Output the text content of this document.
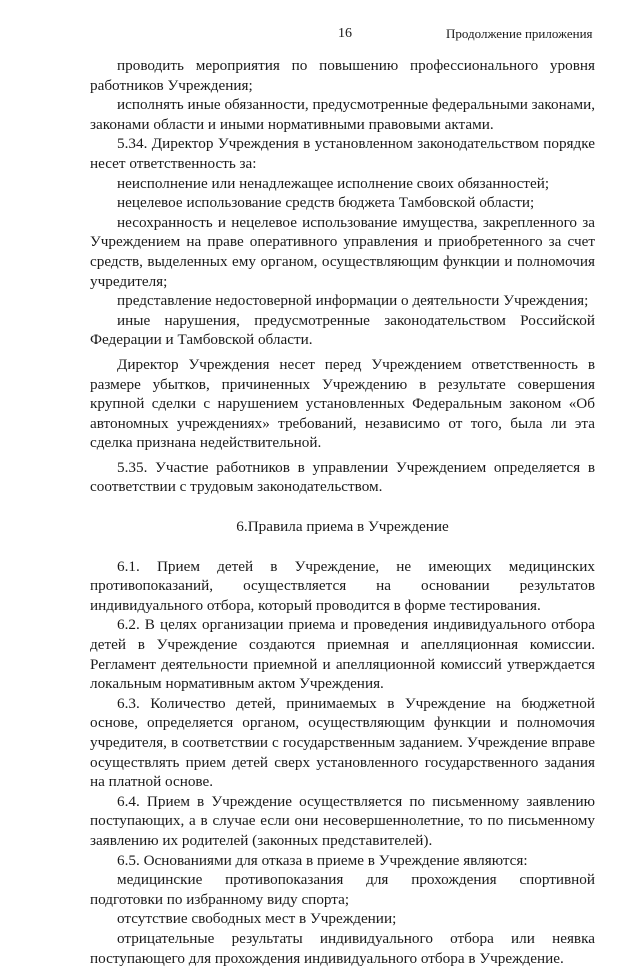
16	Продолжение приложения

проводить мероприятия по повышению профессионального уровня работников Учреждения;

исполнять иные обязанности, предусмотренные федеральными законами, законами области и иными нормативными правовыми актами.

5.34. Директор Учреждения в установленном законодательством порядке несет ответственность за:

неисполнение или ненадлежащее исполнение своих обязанностей;

нецелевое использование средств бюджета Тамбовской области;

несохранность и нецелевое использование имущества, закрепленного за Учреждением на праве оперативного управления и приобретенного за счет средств, выделенных ему органом, осуществляющим функции и полномочия учредителя;

представление недостоверной информации о деятельности Учреждения;

иные нарушения, предусмотренные законодательством Российской Федерации и Тамбовской области.

Директор Учреждения несет перед Учреждением ответственность в размере убытков, причиненных Учреждению в результате совершения крупной сделки с нарушением установленных Федеральным законом «Об автономных учреждениях» требований, независимо от того, была ли эта сделка признана недействительной.

5.35. Участие работников в управлении Учреждением определяется в соответствии с трудовым законодательством.

6.Правила приема в Учреждение

6.1. Прием детей в Учреждение, не имеющих медицинских противопоказаний, осуществляется на основании результатов индивидуального отбора, который проводится в форме тестирования.

6.2. В целях организации приема и проведения индивидуального отбора детей в Учреждение создаются приемная и апелляционная комиссии. Регламент деятельности приемной и апелляционной комиссий утверждается локальным нормативным актом Учреждения.

6.3. Количество детей, принимаемых в Учреждение на бюджетной основе, определяется органом, осуществляющим функции и полномочия учредителя, в соответствии с государственным заданием. Учреждение вправе осуществлять прием детей сверх установленного государственного задания на платной основе.

6.4. Прием в Учреждение осуществляется по письменному заявлению поступающих, а в случае если они несовершеннолетние, то по письменному заявлению их родителей (законных представителей).

6.5. Основаниями для отказа в приеме в Учреждение являются:

медицинские противопоказания для прохождения спортивной подготовки по избранному виду спорта;

отсутствие свободных мест в Учреждении;

отрицательные результаты индивидуального отбора или неявка поступающего для прохождения индивидуального отбора в Учреждение.
